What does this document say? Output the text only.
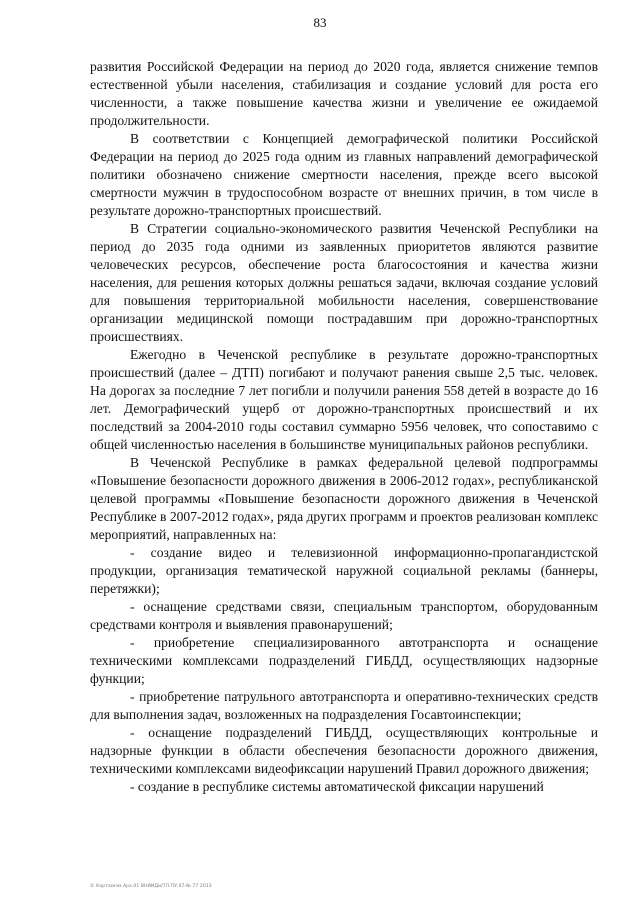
83

развития Российской Федерации на период до 2020 года, является снижение темпов естественной убыли населения, стабилизация и создание условий для роста его численности, а также повышение качества жизни и увеличение ее ожидаемой продолжительности.

В соответствии с Концепцией демографической политики Российской Федерации на период до 2025 года одним из главных направлений демографической политики обозначено снижение смертности населения, прежде всего высокой смертности мужчин в трудоспособном возрасте от внешних причин, в том числе в результате дорожно-транспортных происшествий.

В Стратегии социально-экономического развития Чеченской Республики на период до 2035 года одними из заявленных приоритетов являются развитие человеческих ресурсов, обеспечение роста благосостояния и качества жизни населения, для решения которых должны решаться задачи, включая создание условий для повышения территориальной мобильности населения, совершенствование организации медицинской помощи пострадавшим при дорожно-транспортных происшествиях.

Ежегодно в Чеченской республике в результате дорожно-транспортных происшествий (далее – ДТП) погибают и получают ранения свыше 2,5 тыс. человек. На дорогах за последние 7 лет погибли и получили ранения 558 детей в возрасте до 16 лет. Демографический ущерб от дорожно-транспортных происшествий и их последствий за 2004-2010 годы составил суммарно 5956 человек, что сопоставимо с общей численностью населения в большинстве муниципальных районов республики.

В Чеченской Республике в рамках федеральной целевой подпрограммы «Повышение безопасности дорожного движения в 2006-2012 годах», республиканской целевой программы «Повышение безопасности дорожного движения в Чеченской Республике в 2007-2012 годах», ряда других программ и проектов реализован комплекс мероприятий, направленных на:

- создание видео и телевизионной информационно-пропагандистской продукции, организация тематической наружной социальной рекламы (баннеры, перетяжки);

- оснащение средствами связи, специальным транспортом, оборудованным средствами контроля и выявления правонарушений;

- приобретение специализированного автотранспорта и оснащение техническими комплексами подразделений ГИБДД, осуществляющих надзорные функции;

- приобретение патрульного автотранспорта и оперативно-технических средств для выполнения задач, возложенных на подразделения Госавтоинспекции;

- оснащение подразделений ГИБДД, осуществляющих контрольные и надзорные функции в области обеспечения безопасности дорожного движения, техническими комплексами видеофиксации нарушений Правил дорожного движения;

- создание в республике системы автоматической фиксации нарушений

© Карта/изм.Арх.01 ВНИИДи/ТЛ.ПУ.07-№ 77 2013
